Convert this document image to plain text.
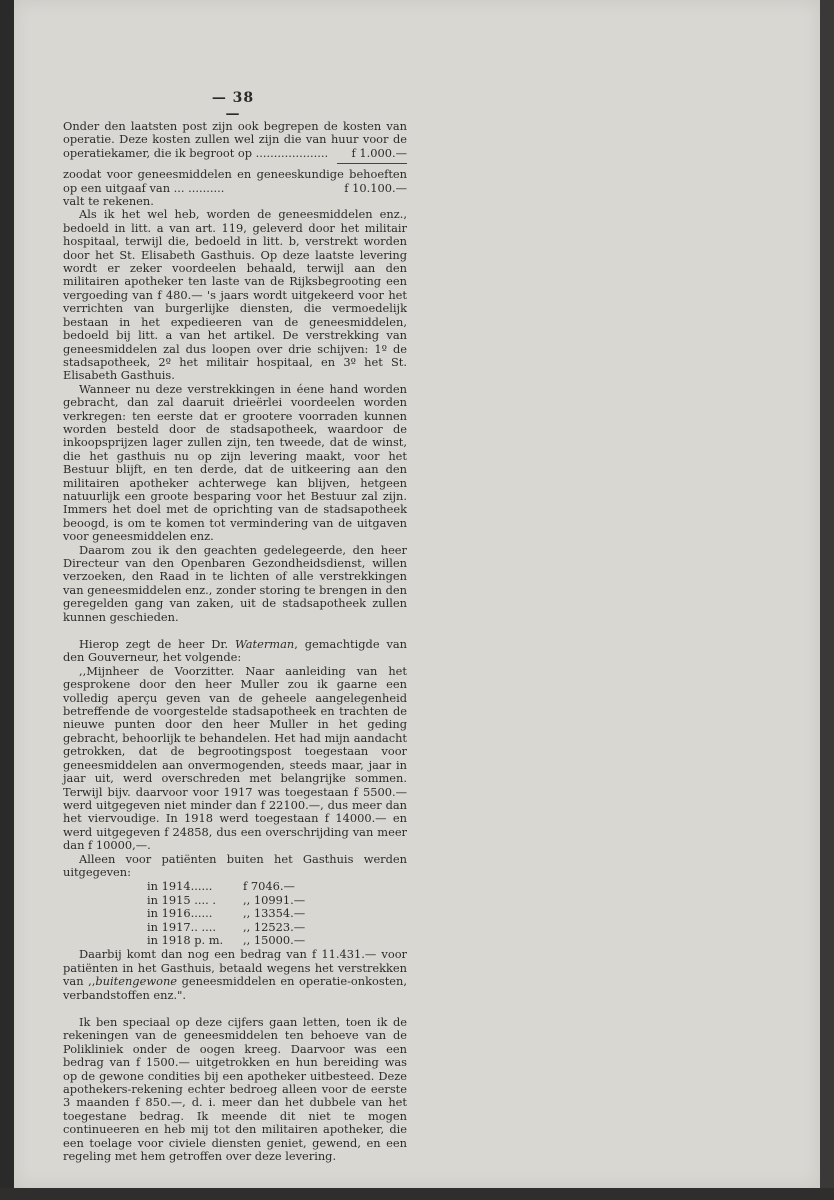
— 38 —

Onder den laatsten post zijn ook begrepen de kosten van operatie. Deze kosten zullen wel zijn die van huur voor de operatiekamer, die ik begroot op .................... f 1.000.—

zoodat voor geneesmiddelen en geneeskundige behoeften op een uitgaaf van ... ..........	f 10.100.—

valt te rekenen.

Als ik het wel heb, worden de geneesmiddelen enz., bedoeld in litt. a van art. 119, geleverd door het militair hospitaal, terwijl die, bedoeld in litt. b, verstrekt worden door het St. Elisabeth Gasthuis. Op deze laatste levering wordt er zeker voordeelen behaald, terwijl aan den militairen apotheker ten laste van de Rijksbegrooting een vergoeding van f 480.— 's jaars wordt uitgekeerd voor het verrichten van burgerlijke diensten, die vermoedelijk bestaan in het expedieeren van de geneesmiddelen, bedoeld bij litt. a van het artikel. De verstrekking van geneesmiddelen zal dus loopen over drie schijven: 1º de stadsapotheek, 2º het militair hospitaal, en 3º het St. Elisabeth Gasthuis.

Wanneer nu deze verstrekkingen in éene hand worden gebracht, dan zal daaruit drieërlei voordeelen worden verkregen: ten eerste dat er grootere voorraden kunnen worden besteld door de stadsapotheek, waardoor de inkoopsprijzen lager zullen zijn, ten tweede, dat de winst, die het gasthuis nu op zijn levering maakt, voor het Bestuur blijft, en ten derde, dat de uitkeering aan den militairen apotheker achterwege kan blijven, hetgeen natuurlijk een groote besparing voor het Bestuur zal zijn. Immers het doel met de oprichting van de stadsapotheek beoogd, is om te komen tot vermindering van de uitgaven voor geneesmiddelen enz.

Daarom zou ik den geachten gedelegeerde, den heer Directeur van den Openbaren Gezondheidsdienst, willen verzoeken, den Raad in te lichten of alle verstrekkingen van geneesmiddelen enz., zonder storing te brengen in den geregelden gang van zaken, uit de stadsapotheek zullen kunnen geschieden.

Hierop zegt de heer Dr. Waterman, gemachtigde van den Gouverneur, het volgende:

,,Mijnheer de Voorzitter. Naar aanleiding van het gesprokene door den heer Muller zou ik gaarne een volledig aperçu geven van de geheele aangelegenheid betreffende de voorgestelde stadsapotheek en trachten de nieuwe punten door den heer Muller in het geding gebracht, behoorlijk te behandelen. Het had mijn aandacht getrokken, dat de begrootingspost toegestaan voor geneesmiddelen aan onvermogenden, steeds maar, jaar in jaar uit, werd overschreden met belangrijke sommen. Terwijl bijv. daarvoor voor 1917 was toegestaan f 5500.— werd uitgegeven niet minder dan f 22100.—, dus meer dan het viervoudige. In 1918 werd toegestaan f 14000.— en werd uitgegeven f 24858, dus een overschrijding van meer dan f 10000,—.

Alleen voor patiënten buiten het Gasthuis werden uitgegeven:

in 1914......	f 7046.—
in 1915 .... .	,, 10991.—
in 1916......	,, 13354.—
in 1917.. ....	,, 12523.—
in 1918 p. m.	,, 15000.—

Daarbij komt dan nog een bedrag van f 11.431.— voor patiënten in het Gasthuis, betaald wegens het verstrekken van ,,buitengewone geneesmiddelen en operatie-onkosten, verbandstoffen enz.".

Ik ben speciaal op deze cijfers gaan letten, toen ik de rekeningen van de geneesmiddelen ten behoeve van de Polikliniek onder de oogen kreeg. Daarvoor was een bedrag van f 1500.— uitgetrokken en hun bereiding was op de gewone condities bij een apotheker uitbesteed. Deze apothekers-rekening echter bedroeg alleen voor de eerste 3 maanden f 850.—, d. i. meer dan het dubbele van het toegestane bedrag. Ik meende dit niet te mogen continueeren en heb mij tot den militairen apotheker, die een toelage voor civiele diensten geniet, gewend, en een regeling met hem getroffen over deze levering.
